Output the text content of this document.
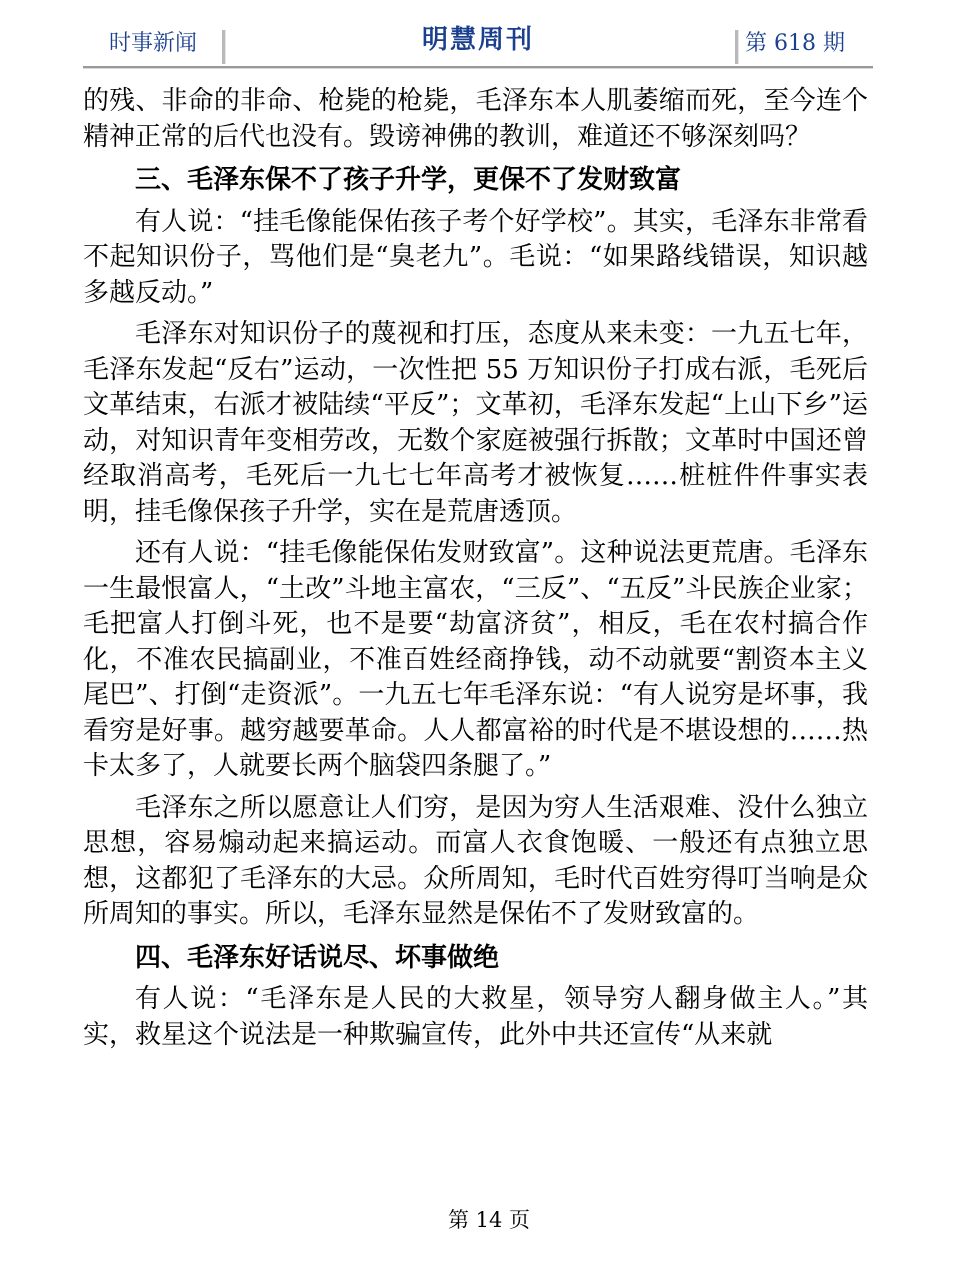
时事新闻	明慧周刊	第 618 期

的残、非命的非命、枪毙的枪毙，毛泽东本人肌萎缩而死，至今连个精神正常的后代也没有。毁谤神佛的教训，难道还不够深刻吗？

三、毛泽东保不了孩子升学，更保不了发财致富

有人说：“挂毛像能保佑孩子考个好学校”。其实，毛泽东非常看不起知识份子，骂他们是“臭老九”。毛说：“如果路线错误，知识越多越反动。”

毛泽东对知识份子的蔑视和打压，态度从来未变：一九五七年，毛泽东发起“反右”运动，一次性把 55 万知识份子打成右派，毛死后文革结束，右派才被陆续“平反”；文革初，毛泽东发起“上山下乡”运动，对知识青年变相劳改，无数个家庭被强行拆散；文革时中国还曾经取消高考，毛死后一九七七年高考才被恢复……桩桩件件事实表明，挂毛像保孩子升学，实在是荒唐透顶。

还有人说：“挂毛像能保佑发财致富”。这种说法更荒唐。毛泽东一生最恨富人，“土改”斗地主富农，“三反”、“五反”斗民族企业家；毛把富人打倒斗死，也不是要“劫富济贫”，相反，毛在农村搞合作化，不准农民搞副业，不准百姓经商挣钱，动不动就要“割资本主义尾巴”、打倒“走资派”。一九五七年毛泽东说：“有人说穷是坏事，我看穷是好事。越穷越要革命。人人都富裕的时代是不堪设想的……热卡太多了，人就要长两个脑袋四条腿了。”

毛泽东之所以愿意让人们穷，是因为穷人生活艰难、没什么独立思想，容易煽动起来搞运动。而富人衣食饱暖、一般还有点独立思想，这都犯了毛泽东的大忌。众所周知，毛时代百姓穷得叮当响是众所周知的事实。所以，毛泽东显然是保佑不了发财致富的。

四、毛泽东好话说尽、坏事做绝

有人说：“毛泽东是人民的大救星，领导穷人翻身做主人。”其实，救星这个说法是一种欺骗宣传，此外中共还宣传“从来就

第 14 页
